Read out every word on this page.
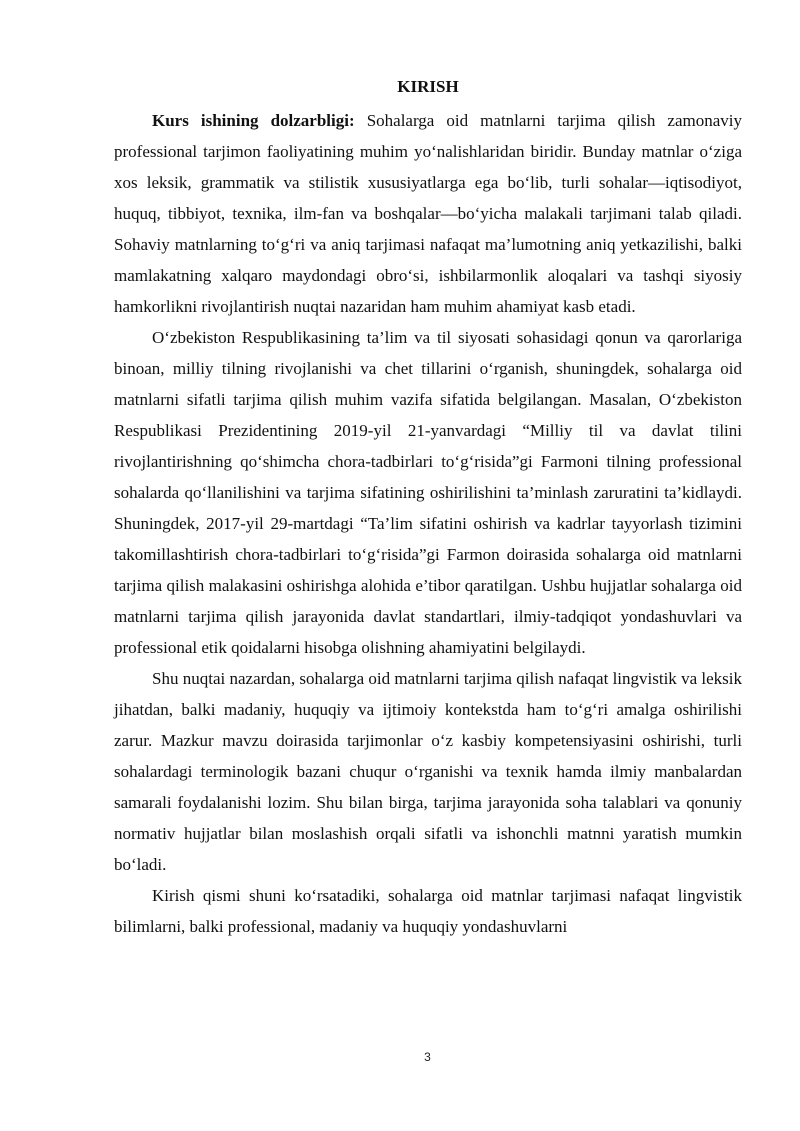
KIRISH

Kurs ishining dolzarbligi: Sohalarga oid matnlarni tarjima qilish zamonaviy professional tarjimon faoliyatining muhim yo‘nalishlaridan biridir. Bunday matnlar o‘ziga xos leksik, grammatik va stilistik xususiyatlarga ega bo‘lib, turli sohalar—iqtisodiyot, huquq, tibbiyot, texnika, ilm-fan va boshqalar—bo‘yicha malakali tarjimani talab qiladi. Sohaviy matnlarning to‘g‘ri va aniq tarjimasi nafaqat ma’lumotning aniq yetkazilishi, balki mamlakatning xalqaro maydondagi obro‘si, ishbilarmonlik aloqalari va tashqi siyosiy hamkorlikni rivojlantirish nuqtai nazaridan ham muhim ahamiyat kasb etadi.

O‘zbekiston Respublikasining ta’lim va til siyosati sohasidagi qonun va qarorlariga binoan, milliy tilning rivojlanishi va chet tillarini o‘rganish, shuningdek, sohalarga oid matnlarni sifatli tarjima qilish muhim vazifa sifatida belgilangan. Masalan, O‘zbekiston Respublikasi Prezidentining 2019-yil 21-yanvardagi “Milliy til va davlat tilini rivojlantirishning qo‘shimcha chora-tadbirlari to‘g‘risida”gi Farmoni tilning professional sohalarda qo‘llanilishini va tarjima sifatining oshirilishini ta’minlash zaruratini ta’kidlaydi. Shuningdek, 2017-yil 29-martdagi “Ta’lim sifatini oshirish va kadrlar tayyorlash tizimini takomillashtirish chora-tadbirlari to‘g‘risida”gi Farmon doirasida sohalarga oid matnlarni tarjima qilish malakasini oshirishga alohida e’tibor qaratilgan. Ushbu hujjatlar sohalarga oid matnlarni tarjima qilish jarayonida davlat standartlari, ilmiy-tadqiqot yondashuvlari va professional etik qoidalarni hisobga olishning ahamiyatini belgilaydi.

Shu nuqtai nazardan, sohalarga oid matnlarni tarjima qilish nafaqat lingvistik va leksik jihatdan, balki madaniy, huquqiy va ijtimoiy kontekstda ham to‘g‘ri amalga oshirilishi zarur. Mazkur mavzu doirasida tarjimonlar o‘z kasbiy kompetensiyasini oshirishi, turli sohalardagi terminologik bazani chuqur o‘rganishi va texnik hamda ilmiy manbalardan samarali foydalanishi lozim. Shu bilan birga, tarjima jarayonida soha talablari va qonuniy normativ hujjatlar bilan moslashish orqali sifatli va ishonchli matnni yaratish mumkin bo‘ladi.

Kirish qismi shuni ko‘rsatadiki, sohalarga oid matnlar tarjimasi nafaqat lingvistik bilimlarni, balki professional, madaniy va huquqiy yondashuvlarni

3
